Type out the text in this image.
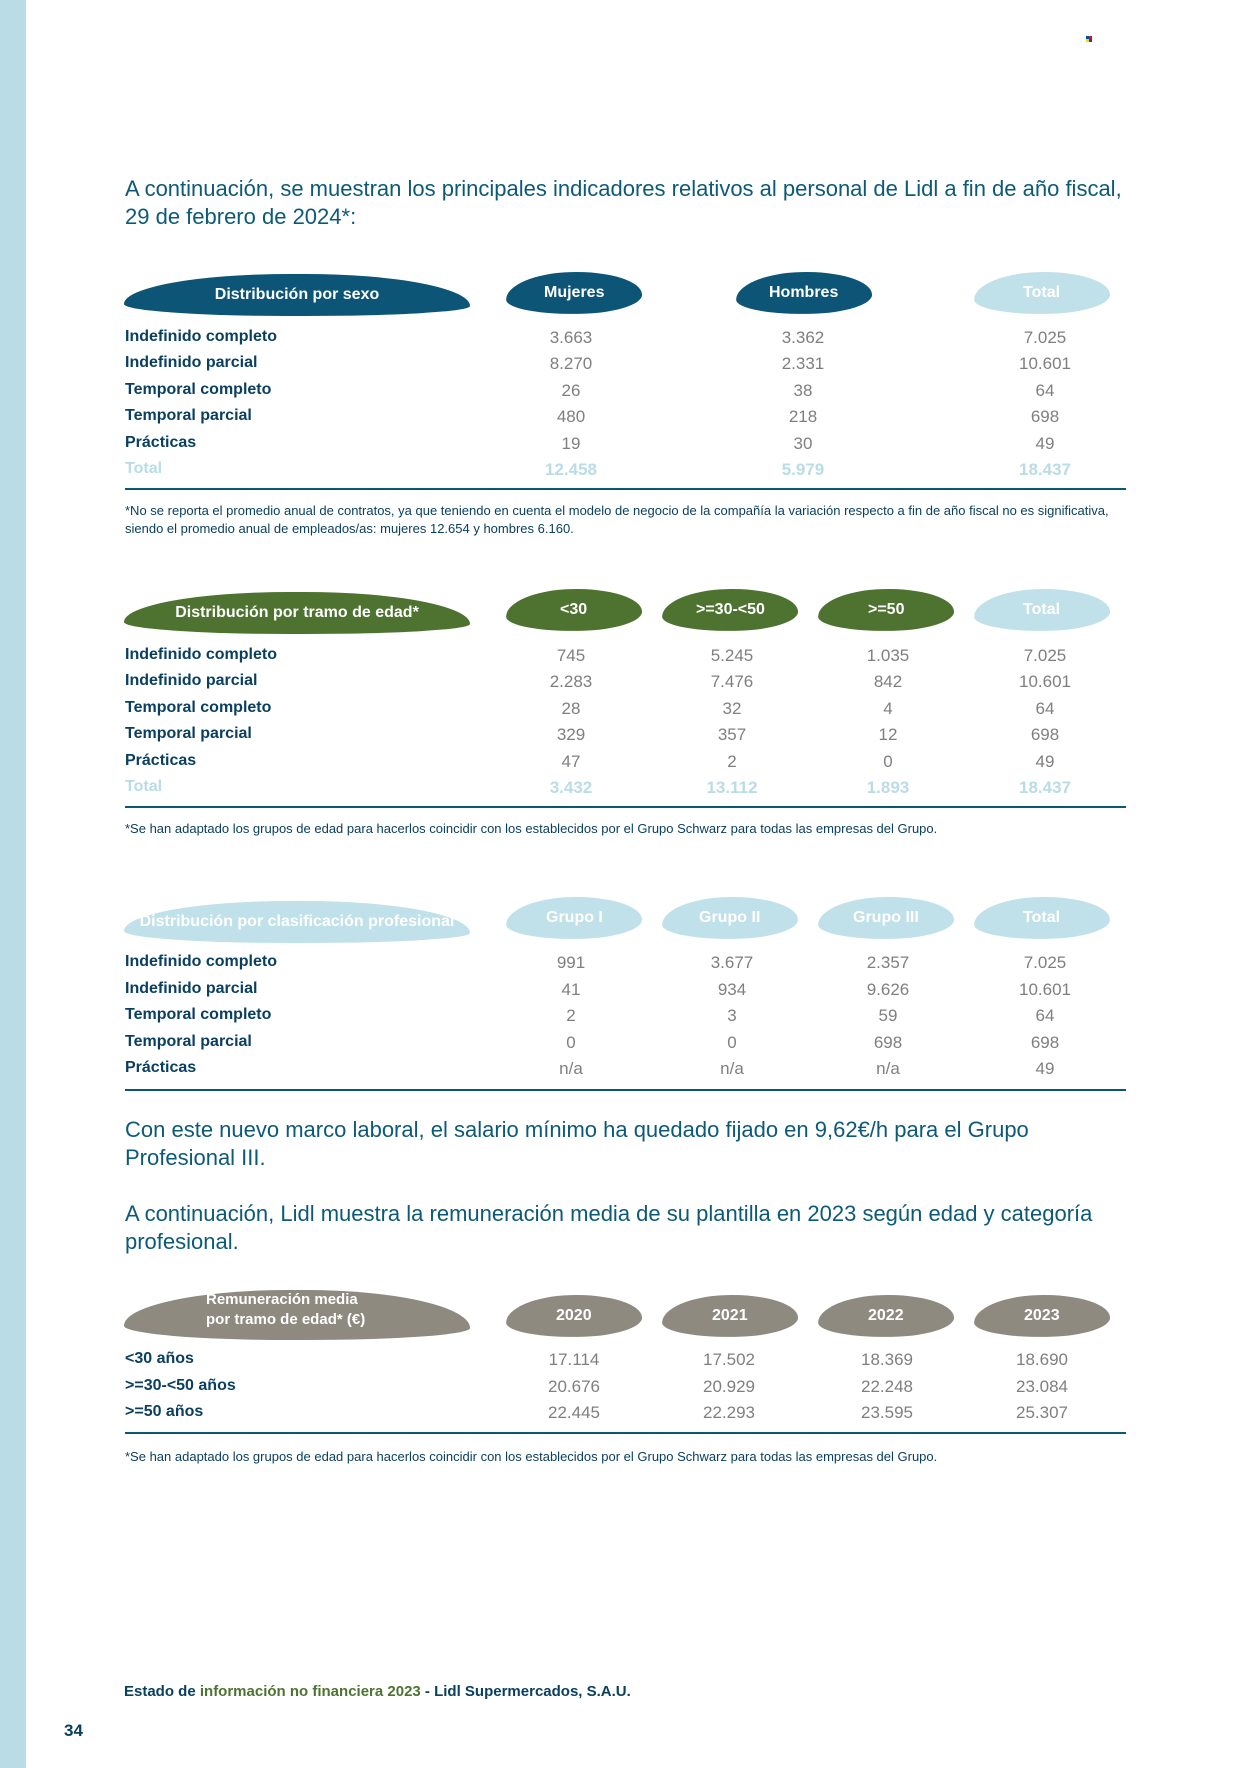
A continuación, se muestran los principales indicadores relativos al personal de Lidl a fin de año fiscal, 29 de febrero de 2024*:
Distribución por sexo	Mujeres	Hombres	Total
Indefinido completo	3.663	3.362	7.025
Indefinido parcial	8.270	2.331	10.601
Temporal completo	26	38	64
Temporal parcial	480	218	698
Prácticas	19	30	49
Total	12.458	5.979	18.437
*No se reporta el promedio anual de contratos, ya que teniendo en cuenta el modelo de negocio de la compañía la variación respecto a fin de año fiscal no es significativa, siendo el promedio anual de empleados/as: mujeres 12.654 y hombres 6.160.
Distribución por tramo de edad*	<30	>=30-<50	>=50	Total
Indefinido completo	745	5.245	1.035	7.025
Indefinido parcial	2.283	7.476	842	10.601
Temporal completo	28	32	4	64
Temporal parcial	329	357	12	698
Prácticas	47	2	0	49
Total	3.432	13.112	1.893	18.437
*Se han adaptado los grupos de edad para hacerlos coincidir con los establecidos por el Grupo Schwarz para todas las empresas del Grupo.
Distribución por clasificación profesional	Grupo I	Grupo II	Grupo III	Total
Indefinido completo	991	3.677	2.357	7.025
Indefinido parcial	41	934	9.626	10.601
Temporal completo	2	3	59	64
Temporal parcial	0	0	698	698
Prácticas	n/a	n/a	n/a	49
Con este nuevo marco laboral, el salario mínimo ha quedado fijado en 9,62€/h para el Grupo Profesional III.
A continuación, Lidl muestra la remuneración media de su plantilla en 2023 según edad y categoría profesional.
Remuneración media
por tramo de edad* (€)	2020	2021	2022	2023
<30 años	17.114	17.502	18.369	18.690
>=30-<50 años	20.676	20.929	22.248	23.084
>=50 años	22.445	22.293	23.595	25.307
*Se han adaptado los grupos de edad para hacerlos coincidir con los establecidos por el Grupo Schwarz para todas las empresas del Grupo.
Estado de información no financiera 2023 - Lidl Supermercados, S.A.U.
34
